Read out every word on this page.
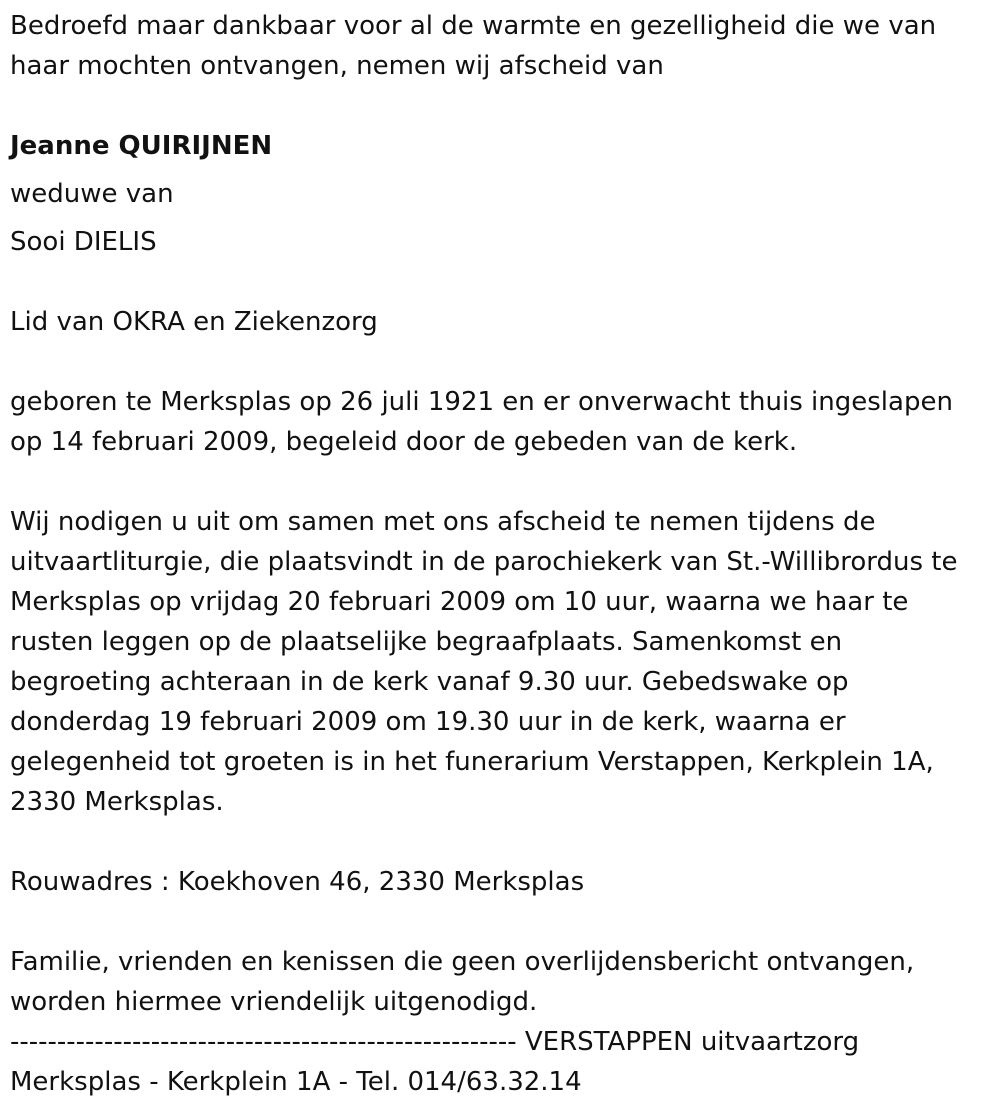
Bedroefd maar dankbaar voor al de warmte en gezelligheid die we van

haar mochten ontvangen, nemen wij afscheid van

Jeanne QUIRIJNEN

weduwe van

Sooi DIELIS

Lid van OKRA en Ziekenzorg

geboren te Merksplas op 26 juli 1921 en er onverwacht thuis ingeslapen

op 14 februari 2009, begeleid door de gebeden van de kerk.

Wij nodigen u uit om samen met ons afscheid te nemen tijdens de

uitvaartliturgie, die plaatsvindt in de parochiekerk van St.-Willibrordus te

Merksplas op vrijdag 20 februari 2009 om 10 uur, waarna we haar te

rusten leggen op de plaatselijke begraafplaats. Samenkomst en

begroeting achteraan in de kerk vanaf 9.30 uur. Gebedswake op

donderdag 19 februari 2009 om 19.30 uur in de kerk, waarna er

gelegenheid tot groeten is in het funerarium Verstappen, Kerkplein 1A,

2330 Merksplas.

Rouwadres : Koekhoven 46, 2330 Merksplas

Familie, vrienden en kenissen die geen overlijdensbericht ontvangen,

worden hiermee vriendelijk uitgenodigd.

------------------------------------------------------ VERSTAPPEN uitvaartzorg

Merksplas - Kerkplein 1A - Tel. 014/63.32.14
